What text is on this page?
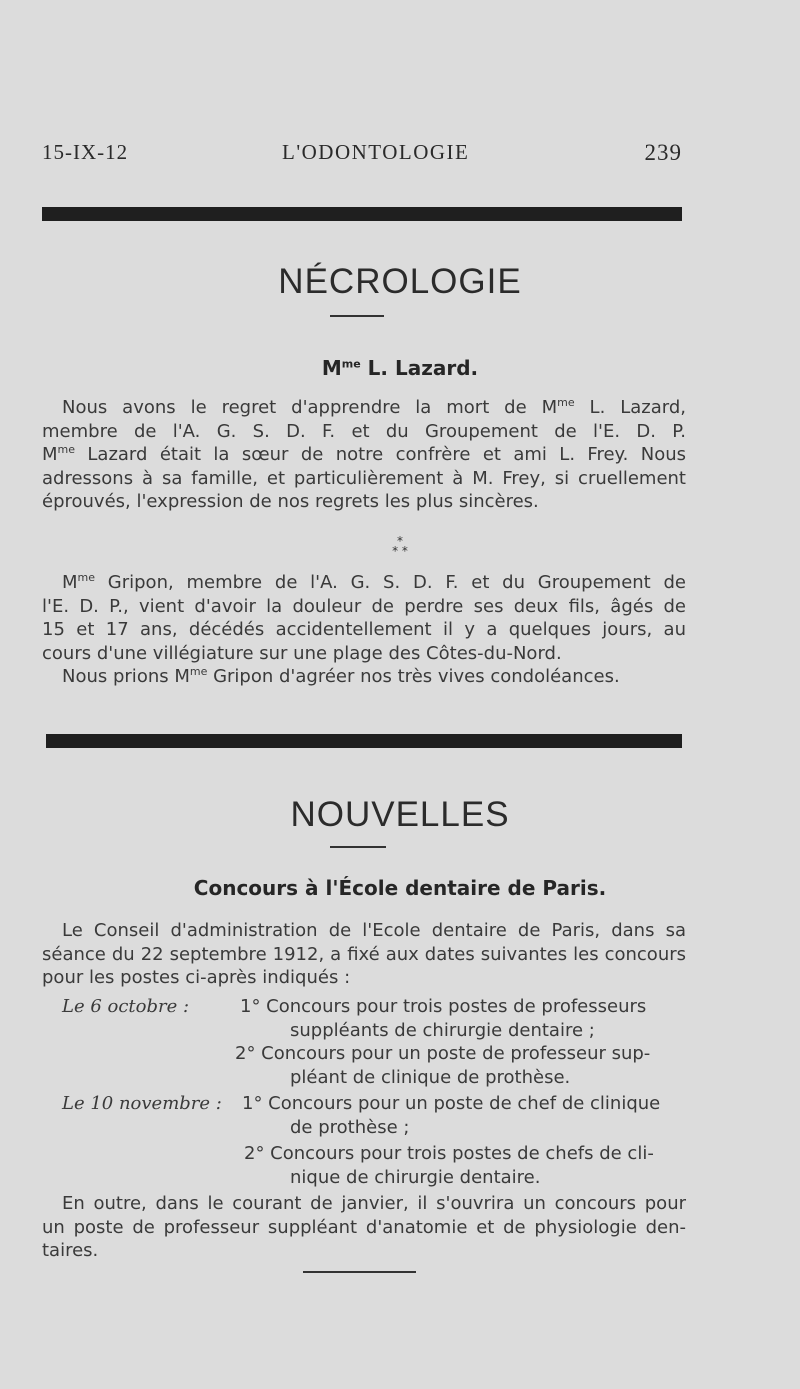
15-IX-12	L'ODONTOLOGIE	239
NÉCROLOGIE
$M^{me}$ L. Lazard.
Nous avons le regret d'apprendre la mort de $M^{me}$ L. Lazard,
membre de l'A. G. S. D. F. et du Groupement de l'E. D. P.
$M^{me}$ Lazard était la sœur de notre confrère et ami L. Frey. Nous
adressons à sa famille, et particulièrement à M. Frey, si cruellement
éprouvés, l'expression de nos regrets les plus sincères.
*
* *
$M^{me}$ Gripon, membre de l'A. G. S. D. F. et du Groupement de
l'E. D. P., vient d'avoir la douleur de perdre ses deux fils, âgés de
15 et 17 ans, décédés accidentellement il y a quelques jours, au
cours d'une villégiature sur une plage des Côtes-du-Nord.
Nous prions $M^{me}$ Gripon d'agréer nos très vives condoléances.
NOUVELLES
Concours à l'École dentaire de Paris.
Le Conseil d'administration de l'Ecole dentaire de Paris, dans sa
séance du 22 septembre 1912, a fixé aux dates suivantes les concours
pour les postes ci-après indiqués :
Le 6 octobre :	1° Concours pour trois postes de professeurs
suppléants de chirurgie dentaire ;
2° Concours pour un poste de professeur sup-
pléant de clinique de prothèse.
Le 10 novembre : 1° Concours pour un poste de chef de clinique
de prothèse ;
2° Concours pour trois postes de chefs de cli-
nique de chirurgie dentaire.
En outre, dans le courant de janvier, il s'ouvrira un concours pour
un poste de professeur suppléant d'anatomie et de physiologie den-
taires.
